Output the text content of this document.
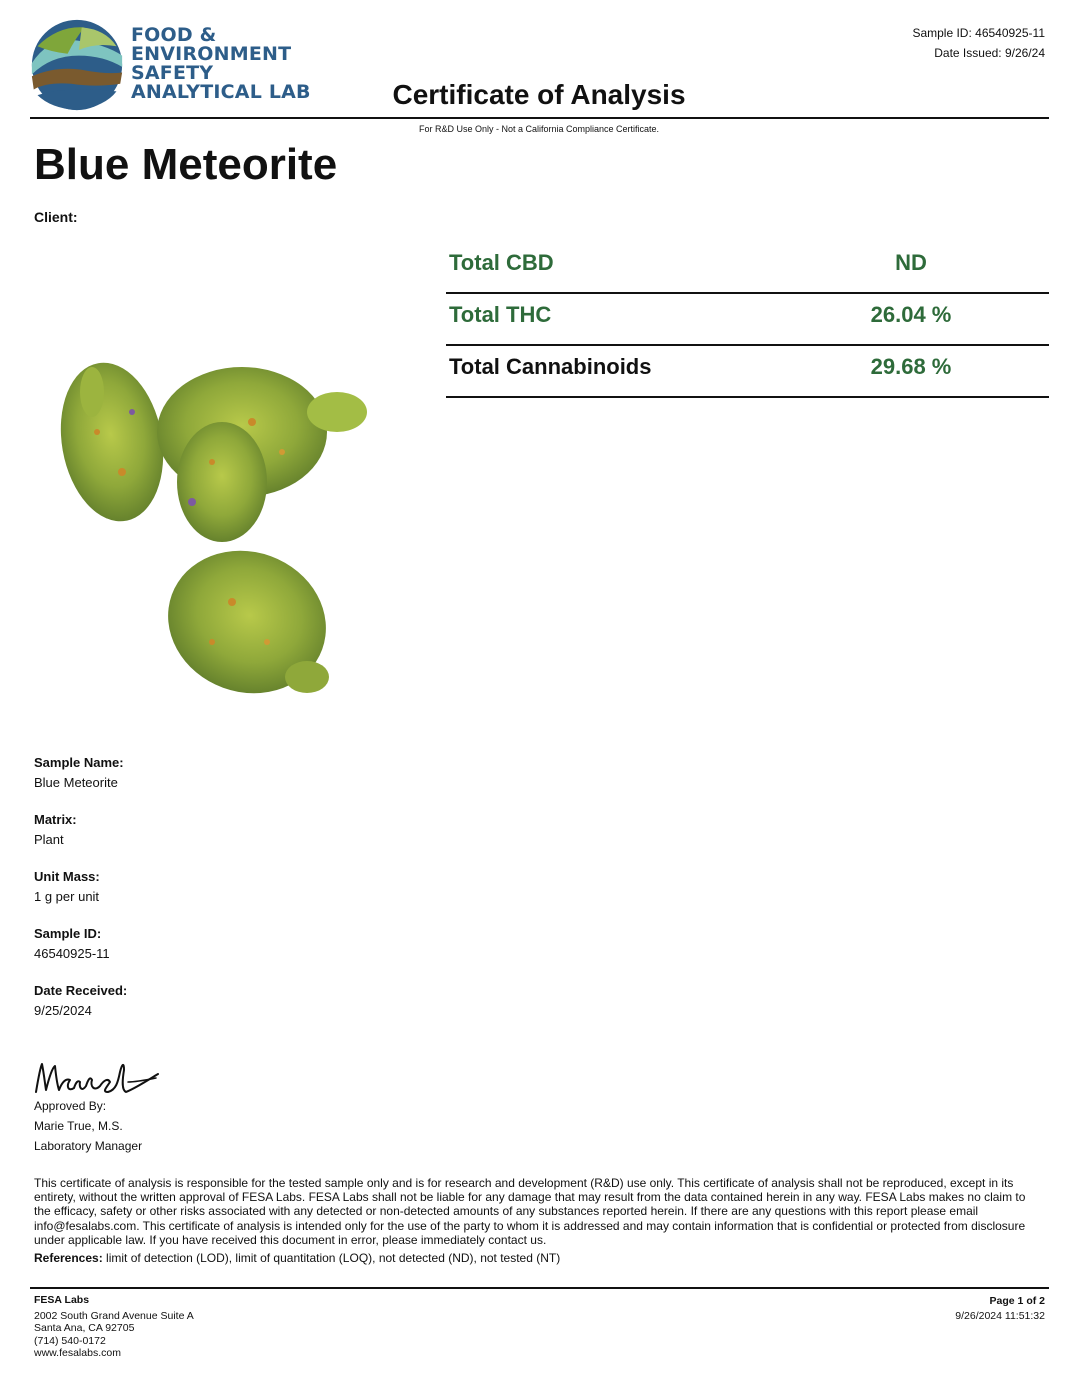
FOOD &
ENVIRONMENT
SAFETY
ANALYTICAL LAB
Sample ID: 46540925-11
Date Issued: 9/26/24
Certificate of Analysis
For R&D Use Only - Not a California Compliance Certificate.
Blue Meteorite
Client:
Total CBD	ND
Total THC	26.04 %
Total Cannabinoids	29.68 %
Sample Name:
Blue Meteorite
Matrix:
Plant
Unit Mass:
1 g per unit
Sample ID:
46540925-11
Date Received:
9/25/2024
Approved By:
Marie True, M.S.
Laboratory Manager
This certificate of analysis is responsible for the tested sample only and is for research and development (R&D) use only. This certificate of analysis shall not be reproduced, except in its entirety, without the written approval of FESA Labs. FESA Labs shall not be liable for any damage that may result from the data contained herein in any way. FESA Labs makes no claim to the efficacy, safety or other risks associated with any detected or non-detected amounts of any substances reported herein. If there are any questions with this report please email info@fesalabs.com. This certificate of analysis is intended only for the use of the party to whom it is addressed and may contain information that is confidential or protected from disclosure under applicable law. If you have received this document in error, please immediately contact us.
References: limit of detection (LOD), limit of quantitation (LOQ), not detected (ND), not tested (NT)
FESA Labs
2002 South Grand Avenue Suite A
Santa Ana, CA 92705
(714) 540-0172
www.fesalabs.com
Page 1 of 2
9/26/2024 11:51:32
